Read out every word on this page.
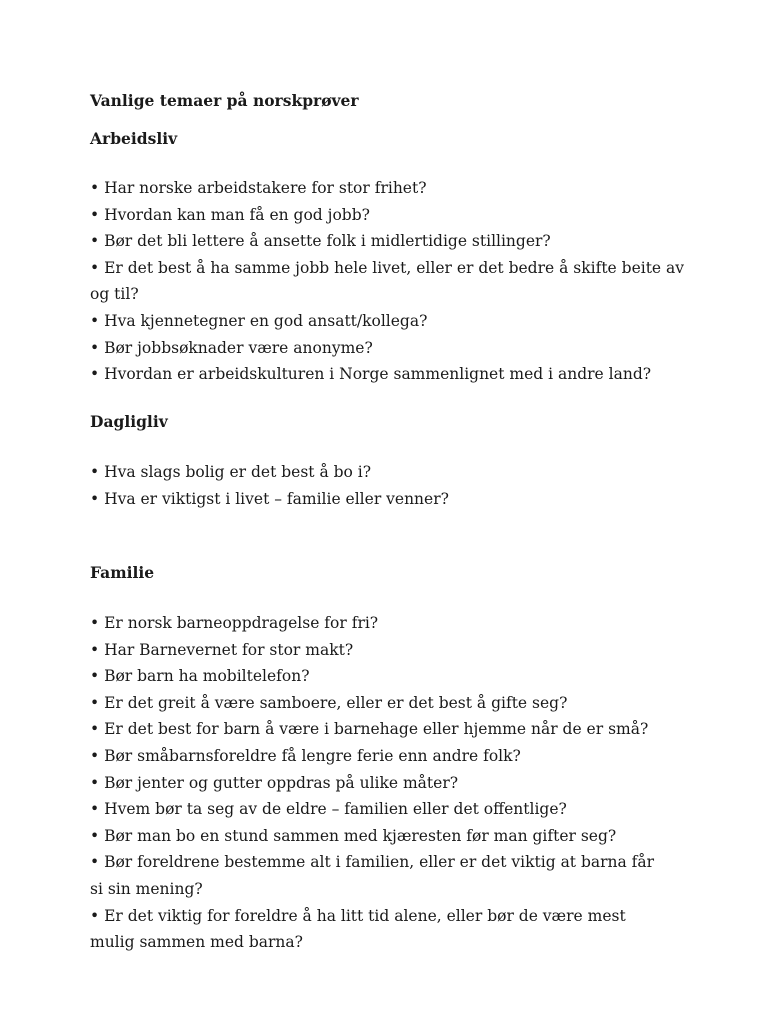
Vanlige temaer på norskprøver
Arbeidsliv
• Har norske arbeidstakere for stor frihet?
• Hvordan kan man få en god jobb?
• Bør det bli lettere å ansette folk i midlertidige stillinger?
• Er det best å ha samme jobb hele livet, eller er det bedre å skifte beite av og til?
• Hva kjennetegner en god ansatt/kollega?
• Bør jobbsøknader være anonyme?
• Hvordan er arbeidskulturen i Norge sammenlignet med i andre land?
Dagligliv
• Hva slags bolig er det best å bo i?
• Hva er viktigst i livet – familie eller venner?
Familie
• Er norsk barneoppdragelse for fri?
• Har Barnevernet for stor makt?
• Bør barn ha mobiltelefon?
• Er det greit å være samboere, eller er det best å gifte seg?
• Er det best for barn å være i barnehage eller hjemme når de er små?
• Bør småbarnsforeldre få lengre ferie enn andre folk?
• Bør jenter og gutter oppdras på ulike måter?
• Hvem bør ta seg av de eldre – familien eller det offentlige?
• Bør man bo en stund sammen med kjæresten før man gifter seg?
• Bør foreldrene bestemme alt i familien, eller er det viktig at barna får si sin mening?
• Er det viktig for foreldre å ha litt tid alene, eller bør de være mest mulig sammen med barna?
